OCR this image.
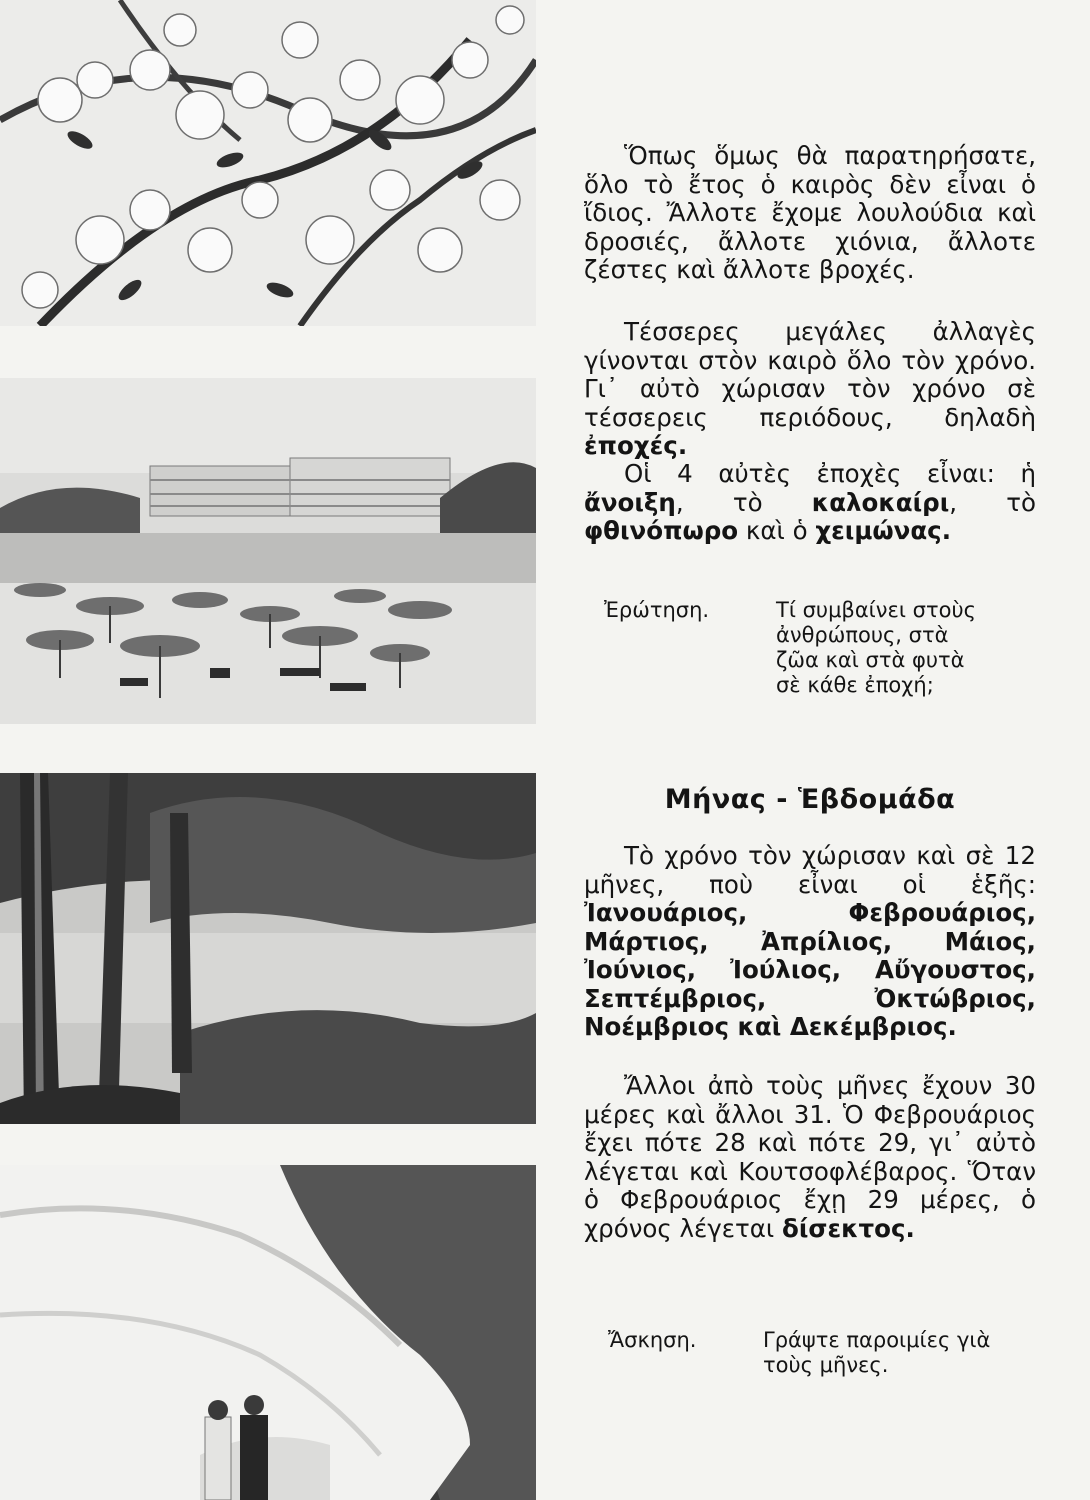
Ὅπως ὅμως θὰ παρατηρήσατε, ὅλο τὸ ἔτος ὁ καιρὸς δὲν εἶναι ὁ ἴδιος. Ἄλλοτε ἔχομε λουλούδια καὶ δροσιές, ἄλλοτε χιόνια, ἄλλοτε ζέστες καὶ ἄλλοτε βροχές.

Τέσσερες μεγάλες ἀλλαγὲς γίνονται στὸν καιρὸ ὅλο τὸν χρόνο. Γι᾽ αὐτὸ χώρισαν τὸν χρόνο σὲ τέσσερεις περιόδους, δηλαδὴ ἐποχές.

Οἱ 4 αὐτὲς ἐποχὲς εἶναι: ἡ ἄνοιξη, τὸ καλοκαίρι, τὸ φθινόπωρο καὶ ὁ χειμώνας.

Ἐρώτηση.	Τί συμβαίνει στοὺς ἀνθρώπους, στὰ ζῶα καὶ στὰ φυτὰ σὲ κάθε ἐποχή;
Μήνας - Ἑβδομάδα

Τὸ χρόνο τὸν χώρισαν καὶ σὲ 12 μῆνες, ποὺ εἶναι οἱ ἑξῆς: Ἰανουάριος, Φεβρουάριος, Μάρτιος, Ἀπρίλιος, Μάιος, Ἰούνιος, Ἰούλιος, Αὔγουστος, Σεπτέμβριος, Ὀκτώβριος, Νοέμβριος καὶ Δεκέμβριος.

Ἄλλοι ἀπὸ τοὺς μῆνες ἔχουν 30 μέρες καὶ ἄλλοι 31. Ὁ Φεβρουάριος ἔχει πότε 28 καὶ πότε 29, γι᾽ αὐτὸ λέγεται καὶ Κουτσοφλέβαρος. Ὅταν ὁ Φεβρουάριος ἔχῃ 29 μέρες, ὁ χρόνος λέγεται δίσεκτος.

Ἄσκηση.	Γράψτε παροιμίες γιὰ τοὺς μῆνες.
